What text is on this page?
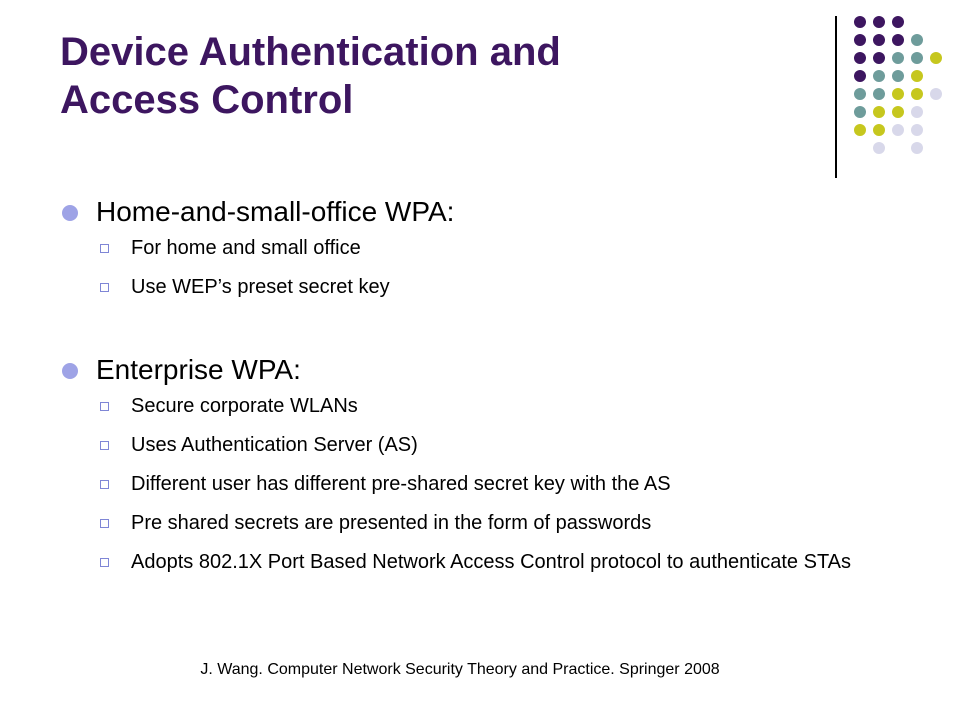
Device Authentication and
Access Control
Home-and-small-office WPA:
For home and small office
Use WEP’s preset secret key
Enterprise WPA:
Secure corporate WLANs
Uses Authentication Server (AS)
Different user has different pre-shared secret key with the AS
Pre shared secrets are presented in the form of passwords
Adopts 802.1X Port Based Network Access Control protocol to authenticate STAs
J. Wang. Computer Network Security Theory and Practice. Springer 2008
